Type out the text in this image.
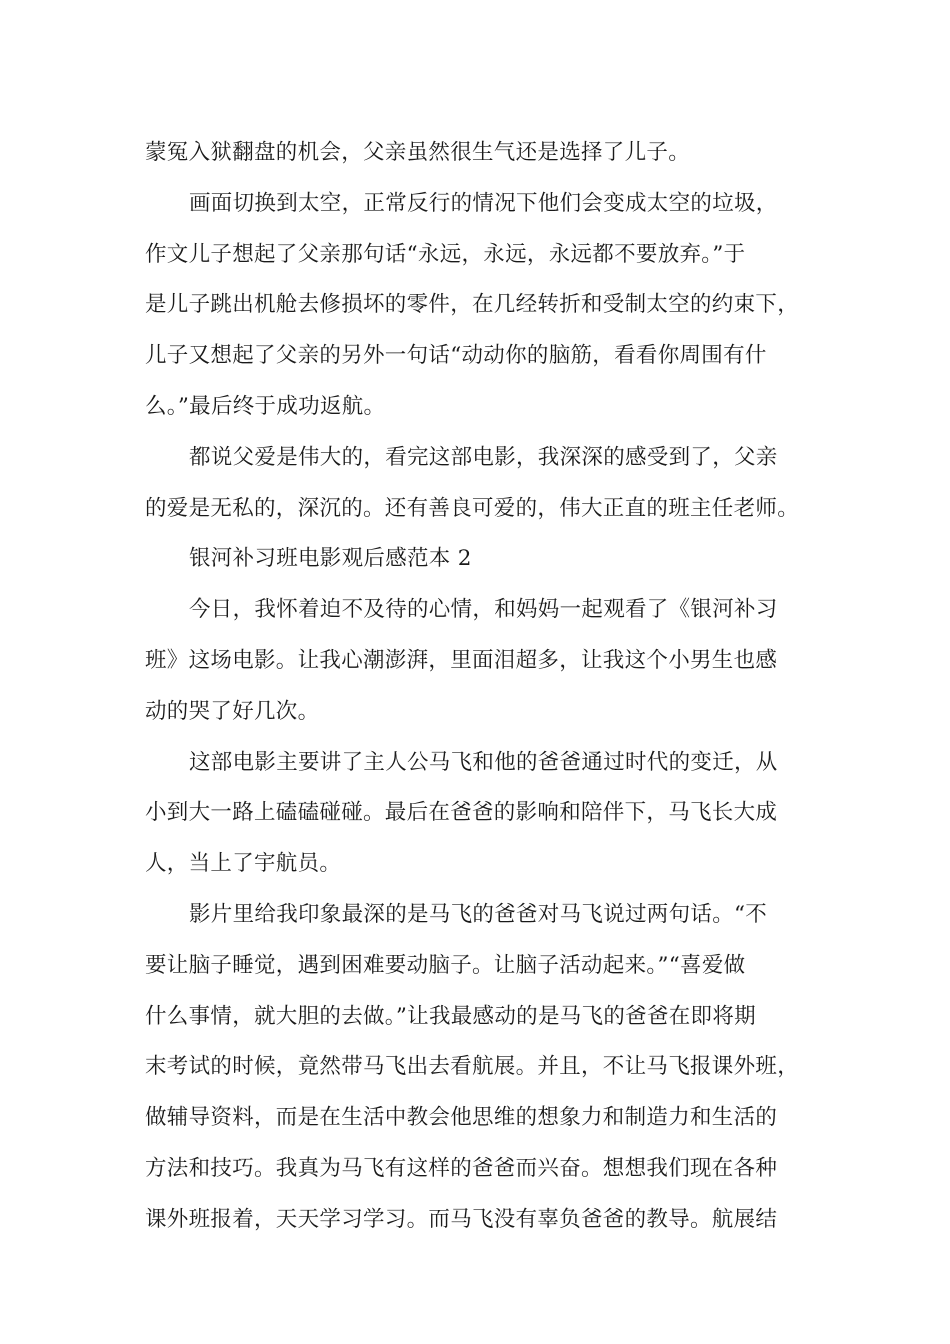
蒙冤入狱翻盘的机会，父亲虽然很生气还是选择了儿子。
画面切换到太空，正常反行的情况下他们会变成太空的垃圾，
作文儿子想起了父亲那句话“永远，永远，永远都不要放弃。”于
是儿子跳出机舱去修损坏的零件，在几经转折和受制太空的约束下，
儿子又想起了父亲的另外一句话“动动你的脑筋，看看你周围有什
么。”最后终于成功返航。
都说父爱是伟大的，看完这部电影，我深深的感受到了，父亲
的爱是无私的，深沉的。还有善良可爱的，伟大正直的班主任老师。
银河补习班电影观后感范本 2
今日，我怀着迫不及待的心情，和妈妈一起观看了《银河补习
班》这场电影。让我心潮澎湃，里面泪超多，让我这个小男生也感
动的哭了好几次。
这部电影主要讲了主人公马飞和他的爸爸通过时代的变迁，从
小到大一路上磕磕碰碰。最后在爸爸的影响和陪伴下，马飞长大成
人，当上了宇航员。
影片里给我印象最深的是马飞的爸爸对马飞说过两句话。“不
要让脑子睡觉，遇到困难要动脑子。让脑子活动起来。”“喜爱做
什么事情，就大胆的去做。”让我最感动的是马飞的爸爸在即将期
末考试的时候，竟然带马飞出去看航展。并且，不让马飞报课外班，
做辅导资料，而是在生活中教会他思维的想象力和制造力和生活的
方法和技巧。我真为马飞有这样的爸爸而兴奋。想想我们现在各种
课外班报着，天天学习学习。而马飞没有辜负爸爸的教导。航展结
